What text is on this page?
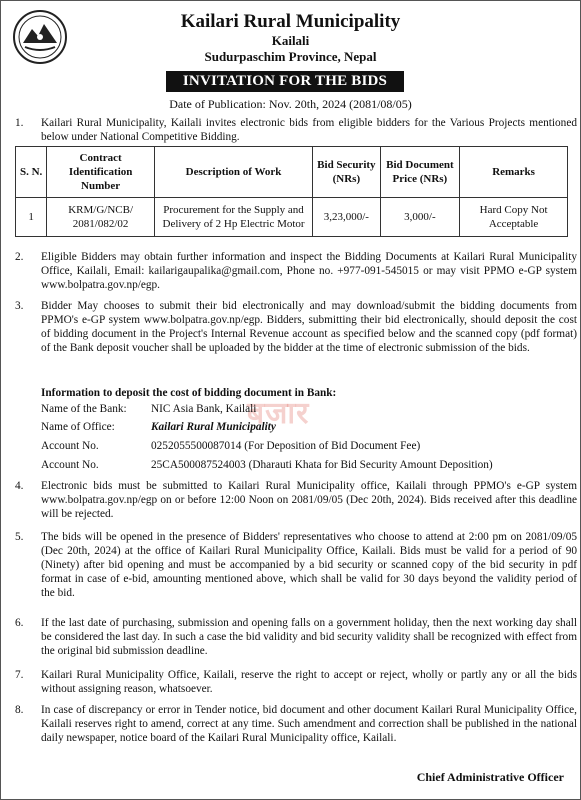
Kailari Rural Municipality
Kailali
Sudurpaschim Province, Nepal
INVITATION FOR THE BIDS
Date of Publication: Nov. 20th, 2024 (2081/08/05)
1.	Kailari Rural Municipality, Kailali invites electronic bids from eligible bidders for the Various Projects mentioned below under National Competitive Bidding.
S. N.	Contract Identification Number	Description of Work	Bid Security (NRs)	Bid Document Price (NRs)	Remarks
1	KRM/G/NCB/ 2081/082/02	Procurement for the Supply and Delivery of 2 Hp Electric Motor	3,23,000/-	3,000/-	Hard Copy Not Acceptable
2.	Eligible Bidders may obtain further information and inspect the Bidding Documents at Kailari Rural Municipality Office, Kailali, Email: kailarigaupalika@gmail.com, Phone no. +977-091-545015 or may visit PPMO e-GP system www.bolpatra.gov.np/egp.
3.	Bidder May chooses to submit their bid electronically and may download/submit the bidding documents from PPMO's e-GP system www.bolpatra.gov.np/egp. Bidders, submitting their bid electronically, should deposit the cost of bidding document in the Project's Internal Revenue account as specified below and the scanned copy (pdf format) of the Bank deposit voucher shall be uploaded by the bidder at the time of electronic submission of the bids.
Information to deposit the cost of bidding document in Bank:
बजार
Name of the Bank: NIC Asia Bank, Kailali
Name of Office:	Kailari Rural Municipality
Account No.	0252055500087014 (For Deposition of Bid Document Fee)
Account No.	25CA500087524003 (Dharauti Khata for Bid Security Amount Deposition)
4.	Electronic bids must be submitted to Kailari Rural Municipality office, Kailali through PPMO's e-GP system www.bolpatra.gov.np/egp on or before 12:00 Noon on 2081/09/05 (Dec 20th, 2024). Bids received after this deadline will be rejected.
5.	The bids will be opened in the presence of Bidders' representatives who choose to attend at 2:00 pm on 2081/09/05 (Dec 20th, 2024) at the office of Kailari Rural Municipality Office, Kailali. Bids must be valid for a period of 90 (Ninety) after bid opening and must be accompanied by a bid security or scanned copy of the bid security in pdf format in case of e-bid, amounting mentioned above, which shall be valid for 30 days beyond the validity period of the bid.
6.	If the last date of purchasing, submission and opening falls on a government holiday, then the next working day shall be considered the last day. In such a case the bid validity and bid security validity shall be recognized with effect from the original bid submission deadline.
7.	Kailari Rural Municipality Office, Kailali, reserve the right to accept or reject, wholly or partly any or all the bids without assigning reason, whatsoever.
8.	In case of discrepancy or error in Tender notice, bid document and other document Kailari Rural Municipality Office, Kailali reserves right to amend, correct at any time. Such amendment and correction shall be published in the national daily newspaper, notice board of the Kailari Rural Municipality office, Kailali.
Chief Administrative Officer
